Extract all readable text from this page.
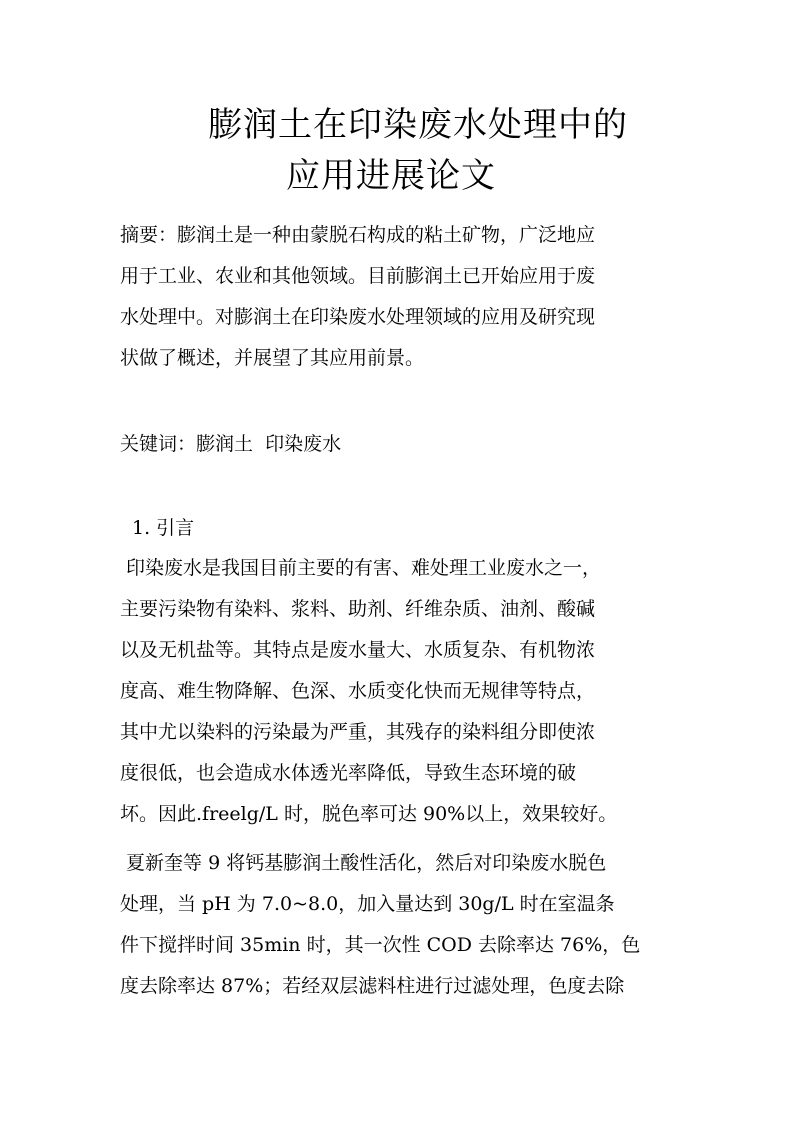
膨润土在印染废水处理中的
应用进展论文
摘要：膨润土是一种由蒙脱石构成的粘土矿物，广泛地应
用于工业、农业和其他领域。目前膨润土已开始应用于废
水处理中。对膨润土在印染废水处理领域的应用及研究现
状做了概述，并展望了其应用前景。
关键词：膨润土  印染废水
1. 引言
印染废水是我国目前主要的有害、难处理工业废水之一，
主要污染物有染料、浆料、助剂、纤维杂质、油剂、酸碱
以及无机盐等。其特点是废水量大、水质复杂、有机物浓
度高、难生物降解、色深、水质变化快而无规律等特点，
其中尤以染料的污染最为严重，其残存的染料组分即使浓
度很低，也会造成水体透光率降低，导致生态环境的破
坏。因此.freelg/L 时，脱色率可达 90%以上，效果较好。
夏新奎等 9 将钙基膨润土酸性活化，然后对印染废水脱色
处理，当 pH 为 7.0~8.0，加入量达到 30g/L 时在室温条
件下搅拌时间 35min 时，其一次性 COD 去除率达 76%，色
度去除率达 87%；若经双层滤料柱进行过滤处理，色度去除
